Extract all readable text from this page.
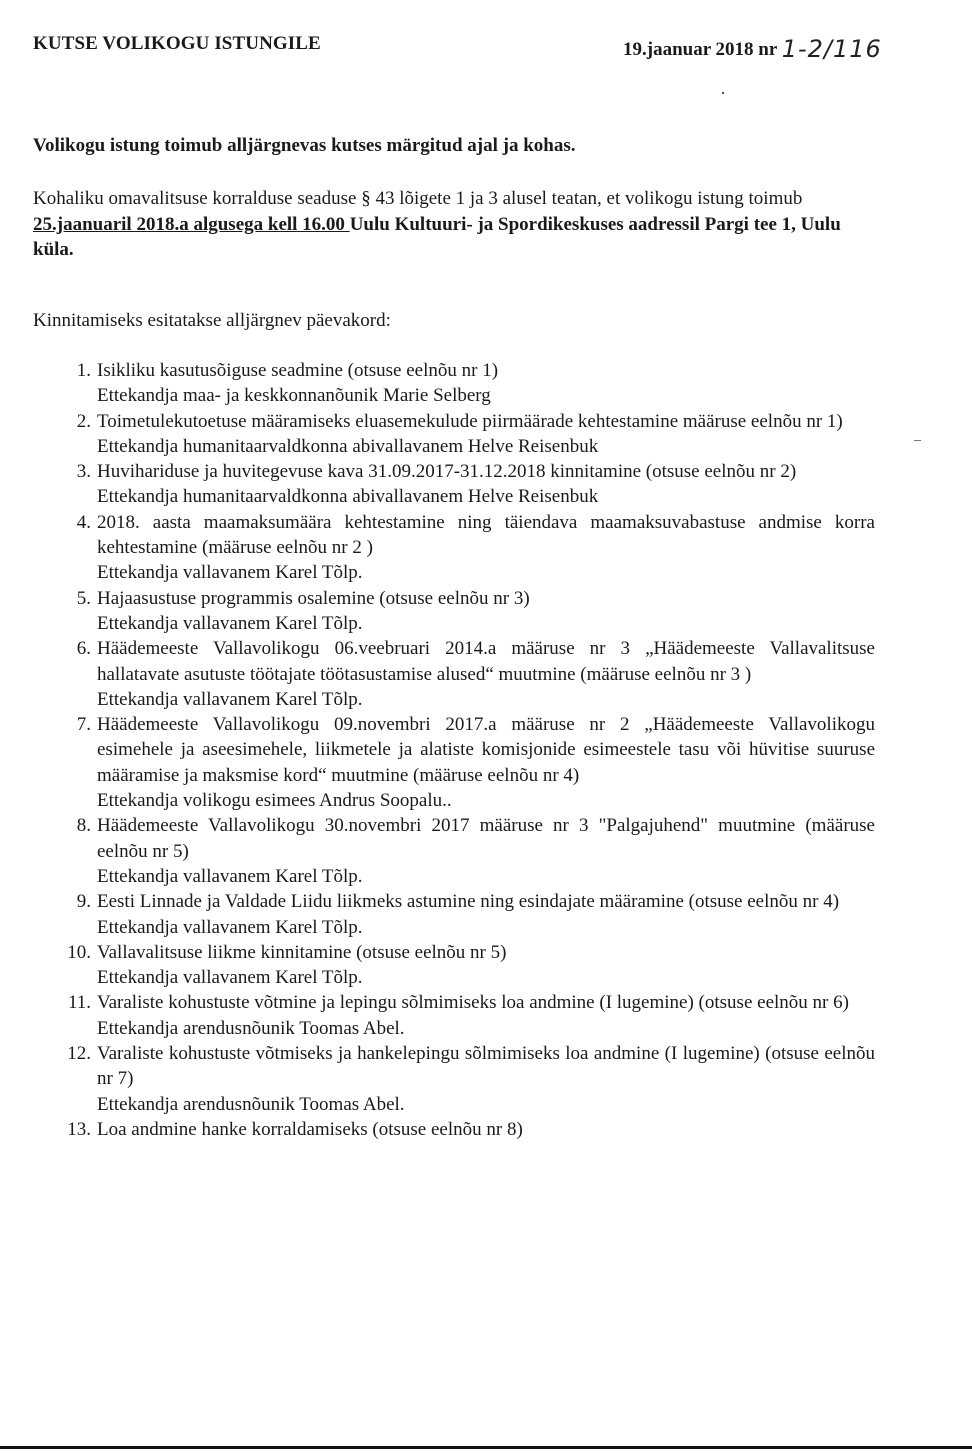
KUTSE VOLIKOGU ISTUNGILE	19.jaanuar 2018 nr 1-2/116
Volikogu istung toimub alljärgnevas kutses märgitud ajal ja kohas.
Kohaliku omavalitsuse korralduse seaduse § 43 lõigete 1 ja 3 alusel teatan, et volikogu istung toimub 25.jaanuaril 2018.a algusega kell 16.00 Uulu Kultuuri- ja Spordikeskuses aadressil Pargi tee 1, Uulu küla.
Kinnitamiseks esitatakse alljärgnev päevakord:
1. Isikliku kasutusõiguse seadmine (otsuse eelnõu nr 1)
Ettekandja maa- ja keskkonnanõunik Marie Selberg
2. Toimetulekutoetuse määramiseks eluasemekulude piirmäärade kehtestamine määruse eelnõu nr 1)
Ettekandja humanitaarvaldkonna abivallavanem Helve Reisenbuk
3. Huvihariduse ja huvitegevuse kava 31.09.2017-31.12.2018 kinnitamine (otsuse eelnõu nr 2)
Ettekandja humanitaarvaldkonna abivallavanem Helve Reisenbuk
4. 2018. aasta maamaksumäära kehtestamine ning täiendava maamaksuvabastuse andmise korra kehtestamine (määruse eelnõu nr 2 )
Ettekandja vallavanem Karel Tõlp.
5. Hajaasustuse programmis osalemine (otsuse eelnõu nr 3)
Ettekandja vallavanem Karel Tõlp.
6. Häädemeeste Vallavolikogu 06.veebruari 2014.a määruse nr 3 „Häädemeeste Vallavalitsuse hallatavate asutuste töötajate töötasustamise alused“ muutmine (määruse eelnõu nr 3 )
Ettekandja vallavanem Karel Tõlp.
7. Häädemeeste Vallavolikogu 09.novembri 2017.a määruse nr 2 „Häädemeeste Vallavolikogu esimehele ja aseesimehele, liikmetele ja alatiste komisjonide esimeestele tasu või hüvitise suuruse määramise ja maksmise kord“ muutmine (määruse eelnõu nr 4)
Ettekandja volikogu esimees Andrus Soopalu..
8. Häädemeeste Vallavolikogu 30.novembri 2017 määruse nr 3 "Palgajuhend" muutmine (määruse eelnõu nr 5)
Ettekandja vallavanem Karel Tõlp.
9. Eesti Linnade ja Valdade Liidu liikmeks astumine ning esindajate määramine (otsuse eelnõu nr 4)
Ettekandja vallavanem Karel Tõlp.
10. Vallavalitsuse liikme kinnitamine (otsuse eelnõu nr 5)
Ettekandja vallavanem Karel Tõlp.
11. Varaliste kohustuste võtmine ja lepingu sõlmimiseks loa andmine (I lugemine) (otsuse eelnõu nr 6)
Ettekandja arendusnõunik Toomas Abel.
12. Varaliste kohustuste võtmiseks ja hankelepingu sõlmimiseks loa andmine (I lugemine) (otsuse eelnõu nr 7)
Ettekandja arendusnõunik Toomas Abel.
13. Loa andmine hanke korraldamiseks (otsuse eelnõu nr 8)
